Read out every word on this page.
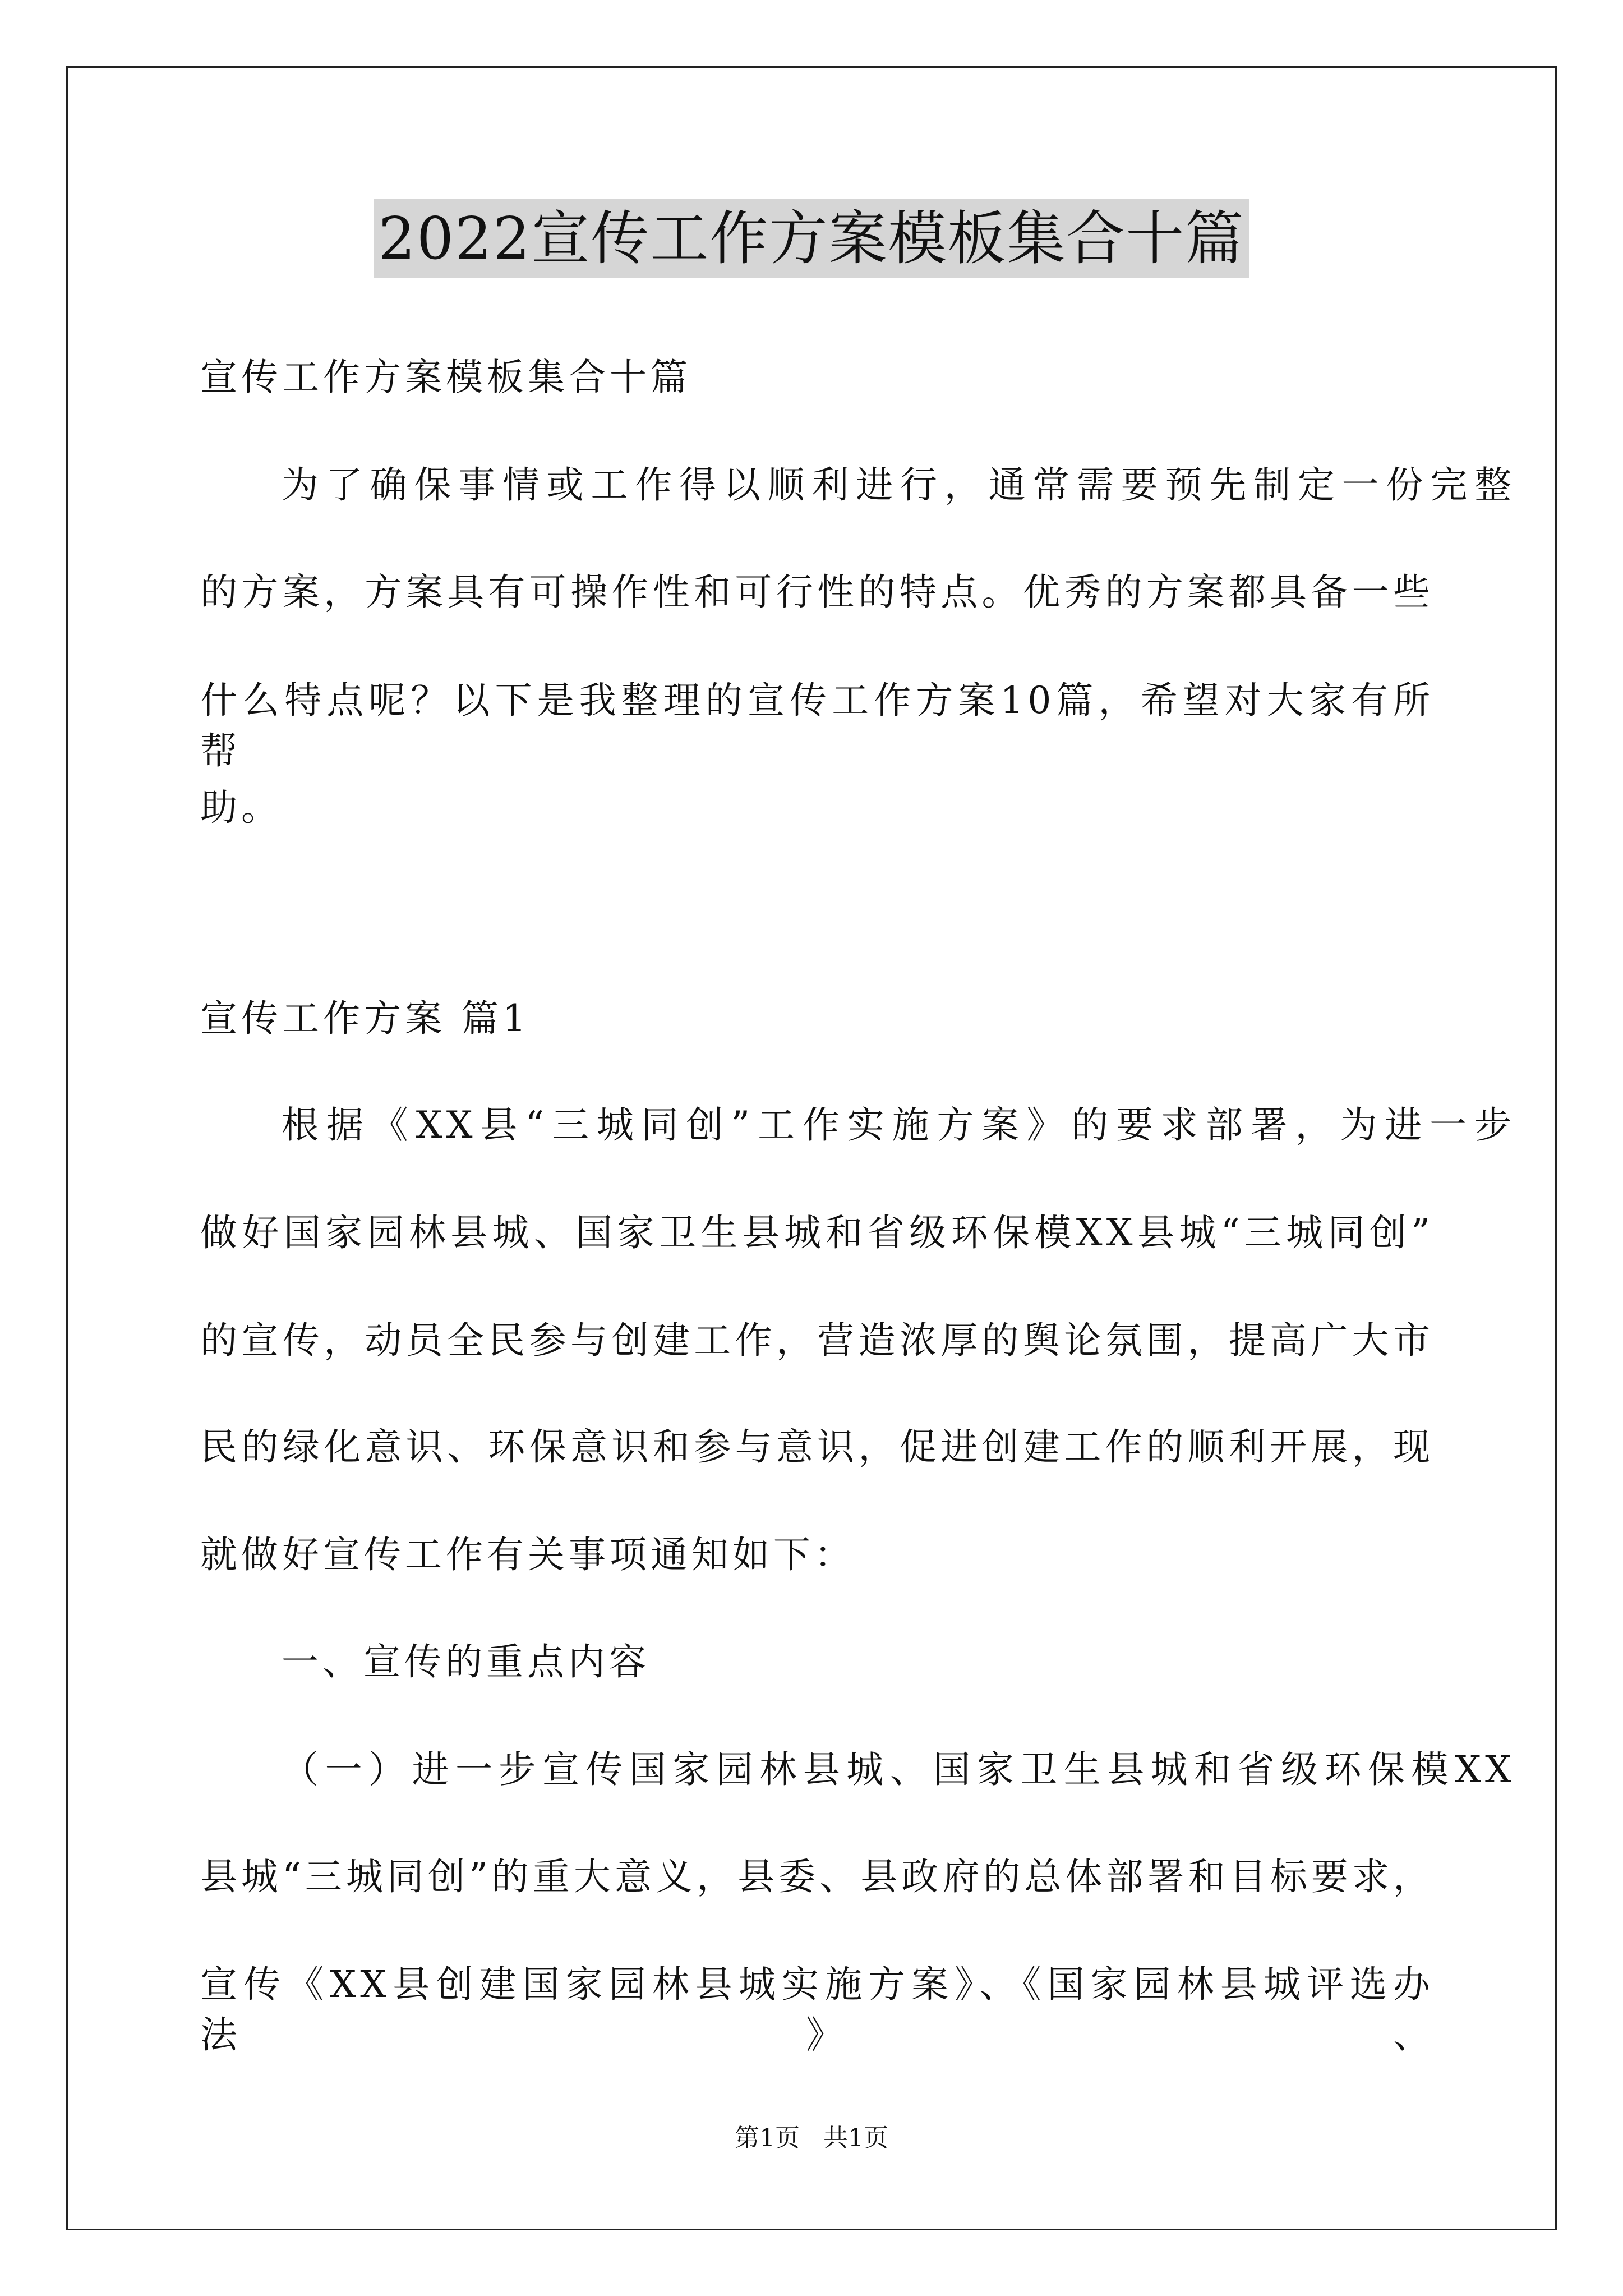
2022宣传工作方案模板集合十篇
宣传工作方案模板集合十篇
为了确保事情或工作得以顺利进行，通常需要预先制定一份完整
的方案，方案具有可操作性和可行性的特点。优秀的方案都具备一些
什么特点呢？以下是我整理的宣传工作方案10篇，希望对大家有所帮
助。
宣传工作方案 篇1
根据《XX县“三城同创”工作实施方案》的要求部署，为进一步
做好国家园林县城、国家卫生县城和省级环保模XX县城“三城同创”
的宣传，动员全民参与创建工作，营造浓厚的舆论氛围，提高广大市
民的绿化意识、环保意识和参与意识，促进创建工作的顺利开展，现
就做好宣传工作有关事项通知如下：
一、宣传的重点内容
（一）进一步宣传国家园林县城、国家卫生县城和省级环保模XX
县城“三城同创”的重大意义，县委、县政府的总体部署和目标要求，
宣传《XX县创建国家园林县城实施方案》、《国家园林县城评选办法》、
第1页 共1页
